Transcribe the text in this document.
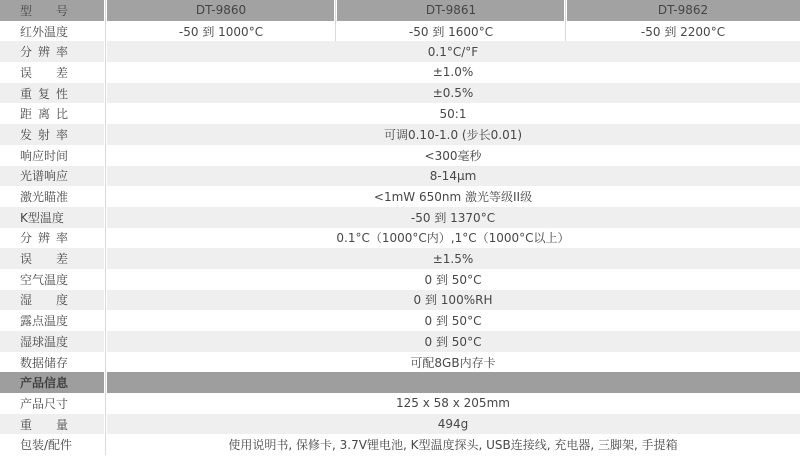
型号	DT-9860	DT-9861	DT-9862
红外温度	-50 到 1000°C	-50 到 1600°C	-50 到 2200°C
分辨率	0.1°C/°F
误差	±1.0%
重复性	±0.5%
距离比	50:1
发射率	可调0.10-1.0 (步长0.01)
响应时间	<300毫秒
光谱响应	8-14μm
激光瞄准	<1mW 650nm 激光等级II级
K型温度	-50 到 1370°C
分辨率	0.1°C（1000°C内）,1°C（1000°C以上）
误差	±1.5%
空气温度	0 到 50°C
湿度	0 到 100%RH
露点温度	0 到 50°C
湿球温度	0 到 50°C
数据储存	可配8GB内存卡
产品信息
产品尺寸	125 x 58 x 205mm
重量	494g
包装/配件	使用说明书, 保修卡, 3.7V锂电池, K型温度探头, USB连接线, 充电器, 三脚架, 手提箱
